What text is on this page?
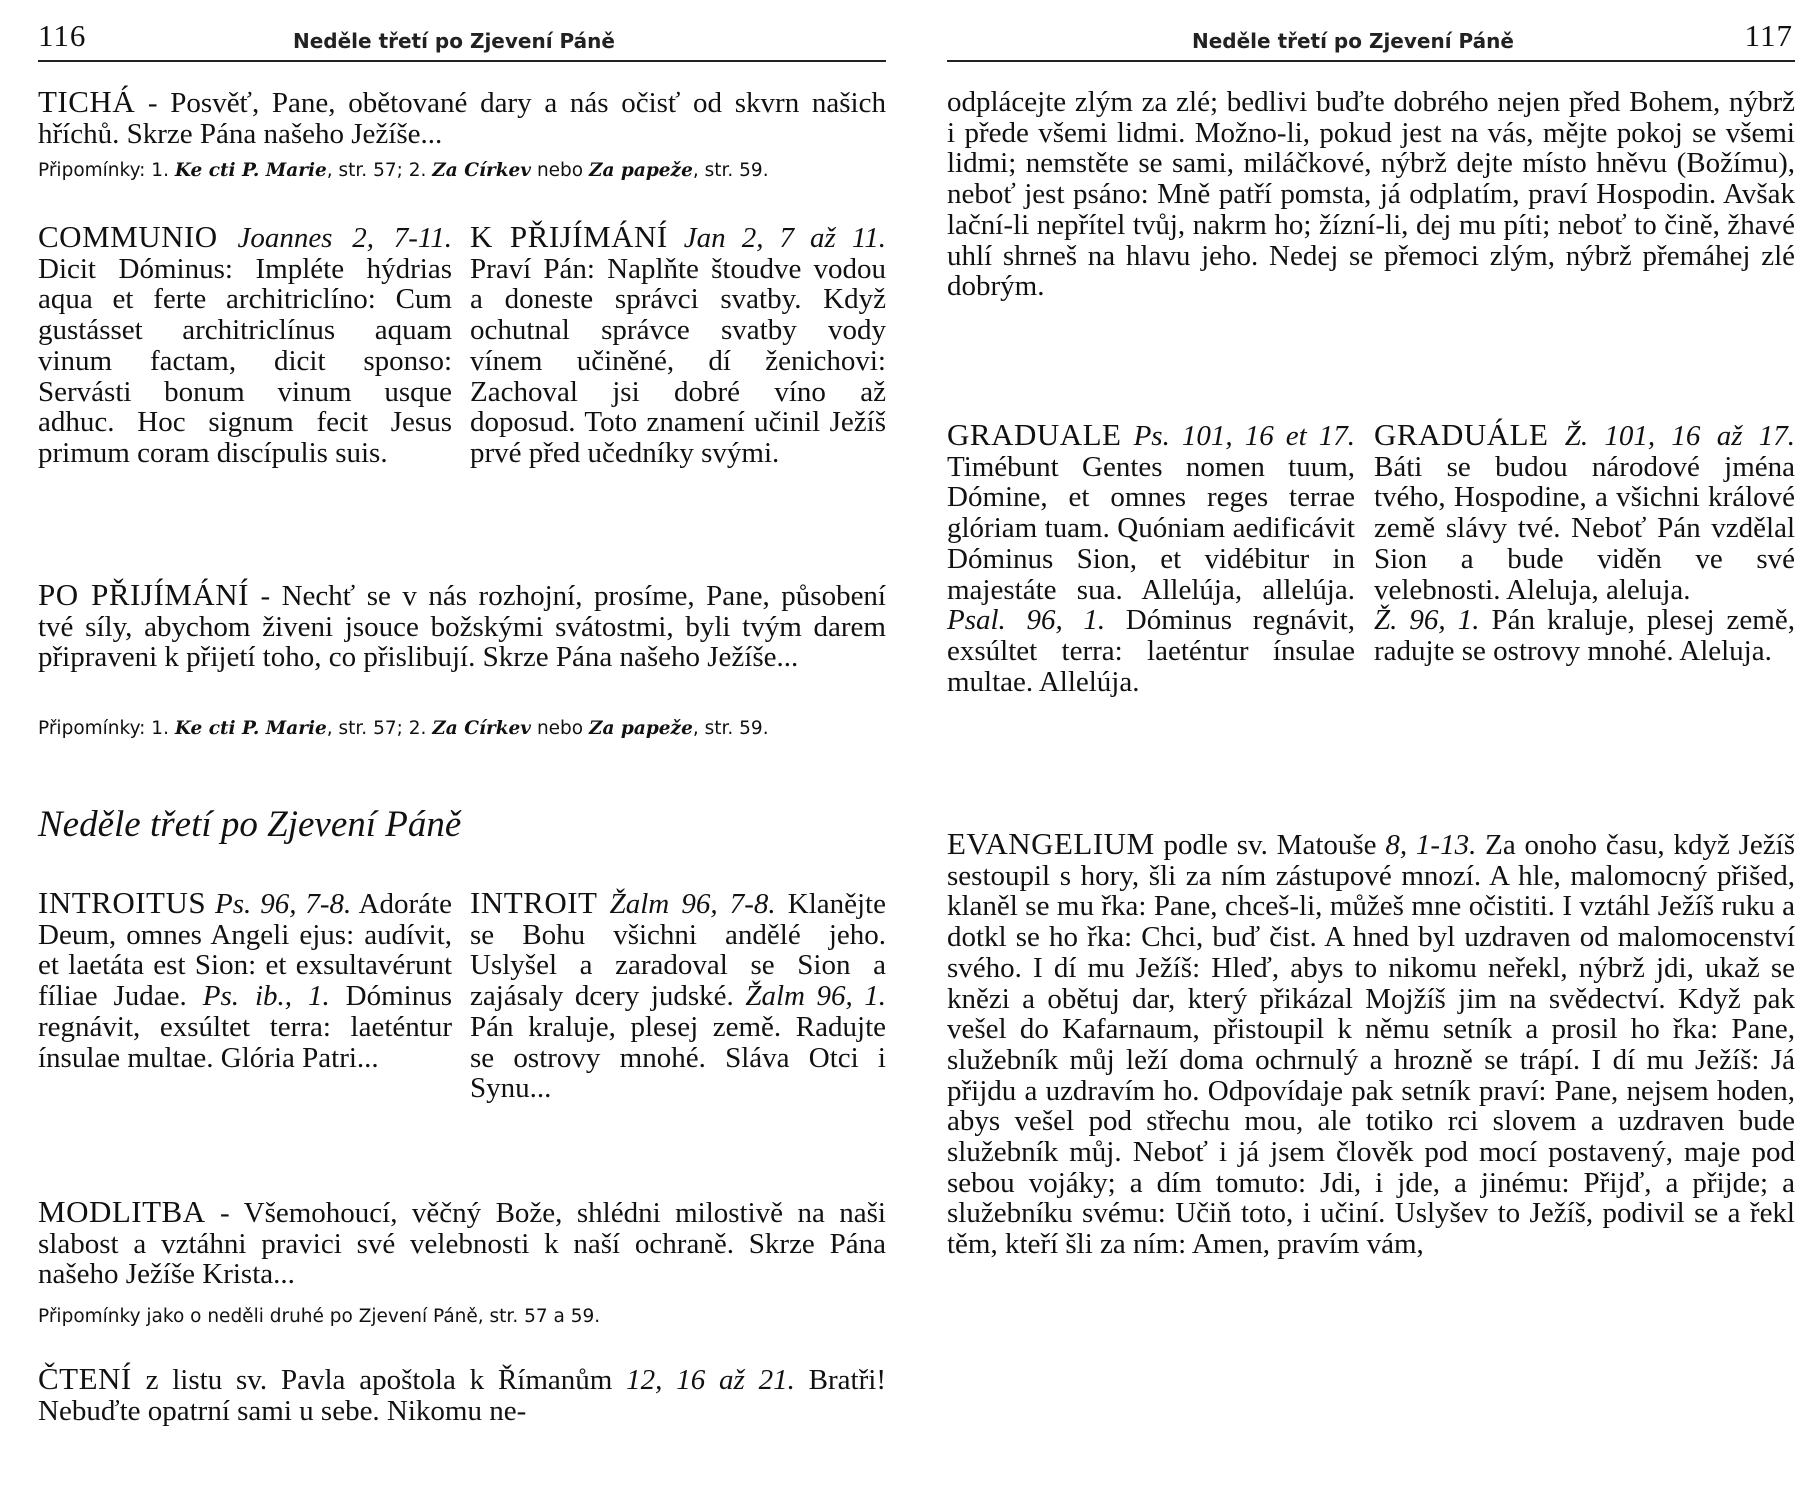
116	Neděle třetí po Zjevení Páně
TICHÁ - Posvěť, Pane, obětované dary a nás očisť od skvrn našich hříchů. Skrze Pána našeho Ježíše...
Připomínky: 1. Ke cti P. Marie, str. 57; 2. Za Církev nebo Za papeže, str. 59.
COMMUNIO Joannes 2, 7-11. Dicit Dóminus: Impléte hýdrias aqua et ferte architriclíno: Cum gustásset architriclínus aquam vinum factam, dicit sponso: Servásti bonum vinum usque adhuc. Hoc signum fecit Jesus primum coram discípulis suis.
K PŘIJÍMÁNÍ Jan 2, 7 až 11. Praví Pán: Naplňte štoudve vodou a doneste správci svatby. Když ochutnal správce svatby vody vínem učiněné, dí ženichovi: Zachoval jsi dobré víno až doposud. Toto znamení učinil Ježíš prvé před učedníky svými.
PO PŘIJÍMÁNÍ - Nechť se v nás rozhojní, prosíme, Pane, působení tvé síly, abychom živeni jsouce božskými svátostmi, byli tvým darem připraveni k přijetí toho, co přislibují. Skrze Pána našeho Ježíše...
Připomínky: 1. Ke cti P. Marie, str. 57; 2. Za Církev nebo Za papeže, str. 59.
Neděle třetí po Zjevení Páně
INTROITUS Ps. 96, 7-8. Adoráte Deum, omnes Angeli ejus: audívit, et laetáta est Sion: et exsultavérunt fíliae Judae. Ps. ib., 1. Dóminus regnávit, exsúltet terra: laeténtur ínsulae multae. Glória Patri...
INTROIT Žalm 96, 7-8. Klanějte se Bohu všichni andělé jeho. Uslyšel a zaradoval se Sion a zajásaly dcery judské. Žalm 96, 1. Pán kraluje, plesej země. Radujte se ostrovy mnohé. Sláva Otci i Synu...
MODLITBA - Všemohoucí, věčný Bože, shlédni milostivě na naši slabost a vztáhni pravici své velebnosti k naší ochraně. Skrze Pána našeho Ježíše Krista...
Připomínky jako o neděli druhé po Zjevení Páně, str. 57 a 59.
ČTENÍ z listu sv. Pavla apoštola k Římanům 12, 16 až 21. Bratři! Nebuďte opatrní sami u sebe. Nikomu ne-
Neděle třetí po Zjevení Páně	117
odplácejte zlým za zlé; bedlivi buďte dobrého nejen před Bohem, nýbrž i přede všemi lidmi. Možno-li, pokud jest na vás, mějte pokoj se všemi lidmi; nemstěte se sami, miláčkové, nýbrž dejte místo hněvu (Božímu), neboť jest psáno: Mně patří pomsta, já odplatím, praví Hospodin. Avšak lační-li nepřítel tvůj, nakrm ho; žízní-li, dej mu píti; neboť to čině, žhavé uhlí shrneš na hlavu jeho. Nedej se přemoci zlým, nýbrž přemáhej zlé dobrým.
GRADUALE Ps. 101, 16 et 17. Timébunt Gentes nomen tuum, Dómine, et omnes reges terrae glóriam tuam. Quóniam aedificávit Dóminus Sion, et vidébitur in majestáte sua. Allelúja, allelúja. Psal. 96, 1. Dóminus regnávit, exsúltet terra: laeténtur ínsulae multae. Allelúja.
GRADUÁLE Ž. 101, 16 až 17. Báti se budou národové jména tvého, Hospodine, a všichni králové země slávy tvé. Neboť Pán vzdělal Sion a bude viděn ve své velebnosti. Aleluja, aleluja.
Ž. 96, 1. Pán kraluje, plesej země, radujte se ostrovy mnohé. Aleluja.
EVANGELIUM podle sv. Matouše 8, 1-13. Za onoho času, když Ježíš sestoupil s hory, šli za ním zástupové mnozí. A hle, malomocný přišed, klaněl se mu řka: Pane, chceš-li, můžeš mne očistiti. I vztáhl Ježíš ruku a dotkl se ho řka: Chci, buď čist. A hned byl uzdraven od malomocenství svého. I dí mu Ježíš: Hleď, abys to nikomu neřekl, nýbrž jdi, ukaž se knězi a obětuj dar, který přikázal Mojžíš jim na svědectví. Když pak vešel do Kafarnaum, přistoupil k němu setník a prosil ho řka: Pane, služebník můj leží doma ochrnulý a hrozně se trápí. I dí mu Ježíš: Já přijdu a uzdravím ho. Odpovídaje pak setník praví: Pane, nejsem hoden, abys vešel pod střechu mou, ale totiko rci slovem a uzdraven bude služebník můj. Neboť i já jsem člověk pod mocí postavený, maje pod sebou vojáky; a dím tomuto: Jdi, i jde, a jinému: Přijď, a přijde; a služebníku svému: Učiň toto, i učiní. Uslyšev to Ježíš, podivil se a řekl těm, kteří šli za ním: Amen, pravím vám,
